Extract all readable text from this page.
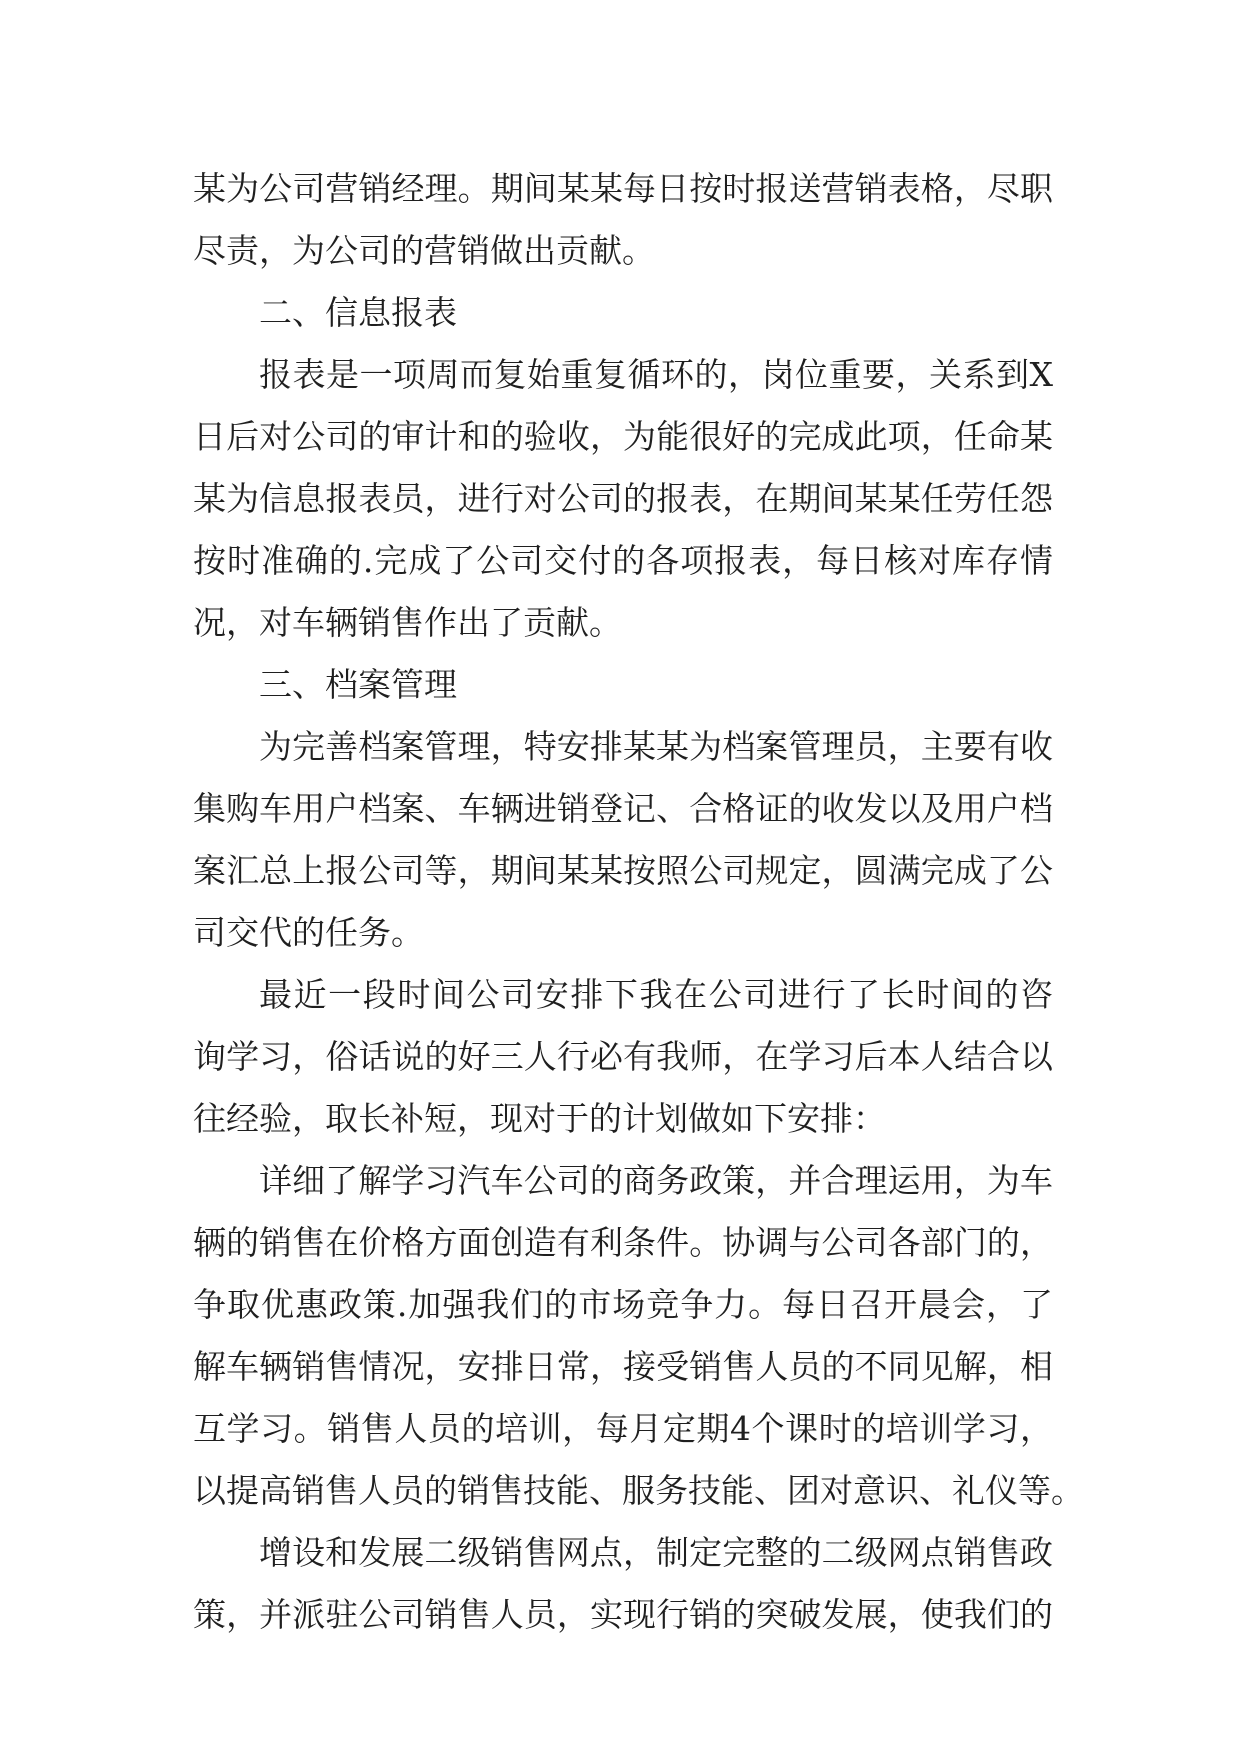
某为公司营销经理。期间某某每日按时报送营销表格，尽职
尽责，为公司的营销做出贡献。
二、信息报表
报表是一项周而复始重复循环的，岗位重要，关系到X
日后对公司的审计和的验收，为能很好的完成此项，任命某
某为信息报表员，进行对公司的报表，在期间某某任劳任怨
按时准确的.完成了公司交付的各项报表，每日核对库存情
况，对车辆销售作出了贡献。
三、档案管理
为完善档案管理，特安排某某为档案管理员，主要有收
集购车用户档案、车辆进销登记、合格证的收发以及用户档
案汇总上报公司等，期间某某按照公司规定，圆满完成了公
司交代的任务。
最近一段时间公司安排下我在公司进行了长时间的咨
询学习，俗话说的好三人行必有我师，在学习后本人结合以
往经验，取长补短，现对于的计划做如下安排：
详细了解学习汽车公司的商务政策，并合理运用，为车
辆的销售在价格方面创造有利条件。协调与公司各部门的，
争取优惠政策.加强我们的市场竞争力。每日召开晨会，了
解车辆销售情况，安排日常，接受销售人员的不同见解，相
互学习。销售人员的培训，每月定期4个课时的培训学习，
以提高销售人员的销售技能、服务技能、团对意识、礼仪等。
增设和发展二级销售网点，制定完整的二级网点销售政
策，并派驻公司销售人员，实现行销的突破发展，使我们的
